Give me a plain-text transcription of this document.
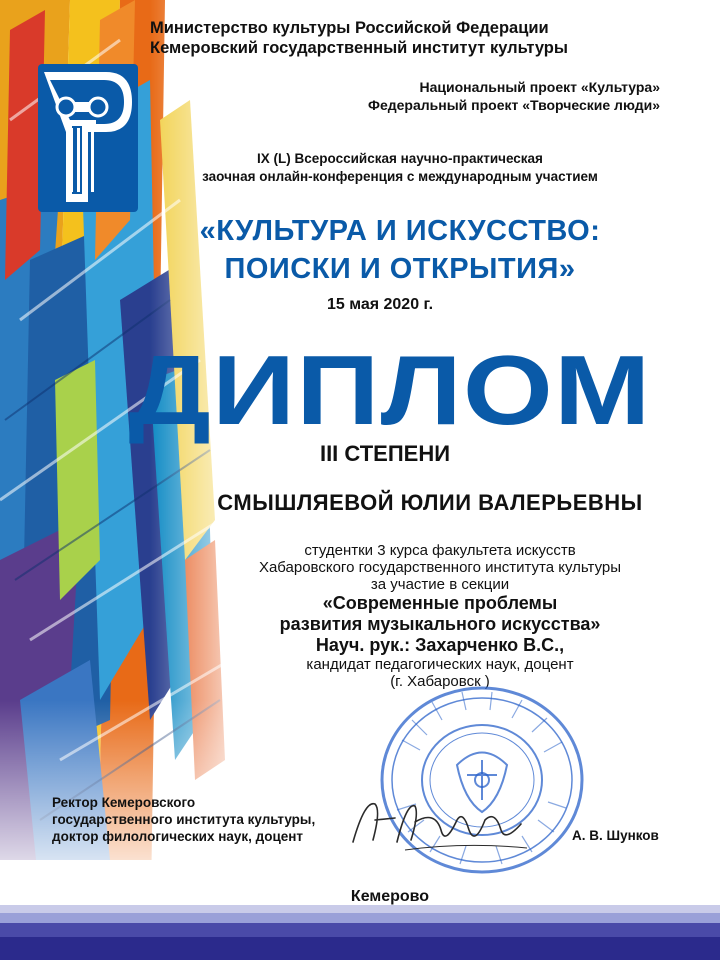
Министерство культуры Российской Федерации
Кемеровский государственный институт культуры
Национальный проект «Культура»
Федеральный проект «Творческие люди»
IX (L) Всероссийская научно-практическая
заочная онлайн-конференция с международным участием
«КУЛЬТУРА И ИСКУССТВО:
ПОИСКИ И ОТКРЫТИЯ»
15 мая 2020 г.
ДИПЛОМ
III СТЕПЕНИ
СМЫШЛЯЕВОЙ ЮЛИИ ВАЛЕРЬЕВНЫ
студентки 3 курса факультета искусств
Хабаровского государственного института культуры
за участие в секции
«Современные проблемы
развития музыкального искусства»
Науч. рук.: Захарченко В.С.,
кандидат педагогических наук, доцент
(г. Хабаровск )
Ректор Кемеровского
государственного института культуры,
доктор филологических наук, доцент	А. В. Шунков
Кемерово
